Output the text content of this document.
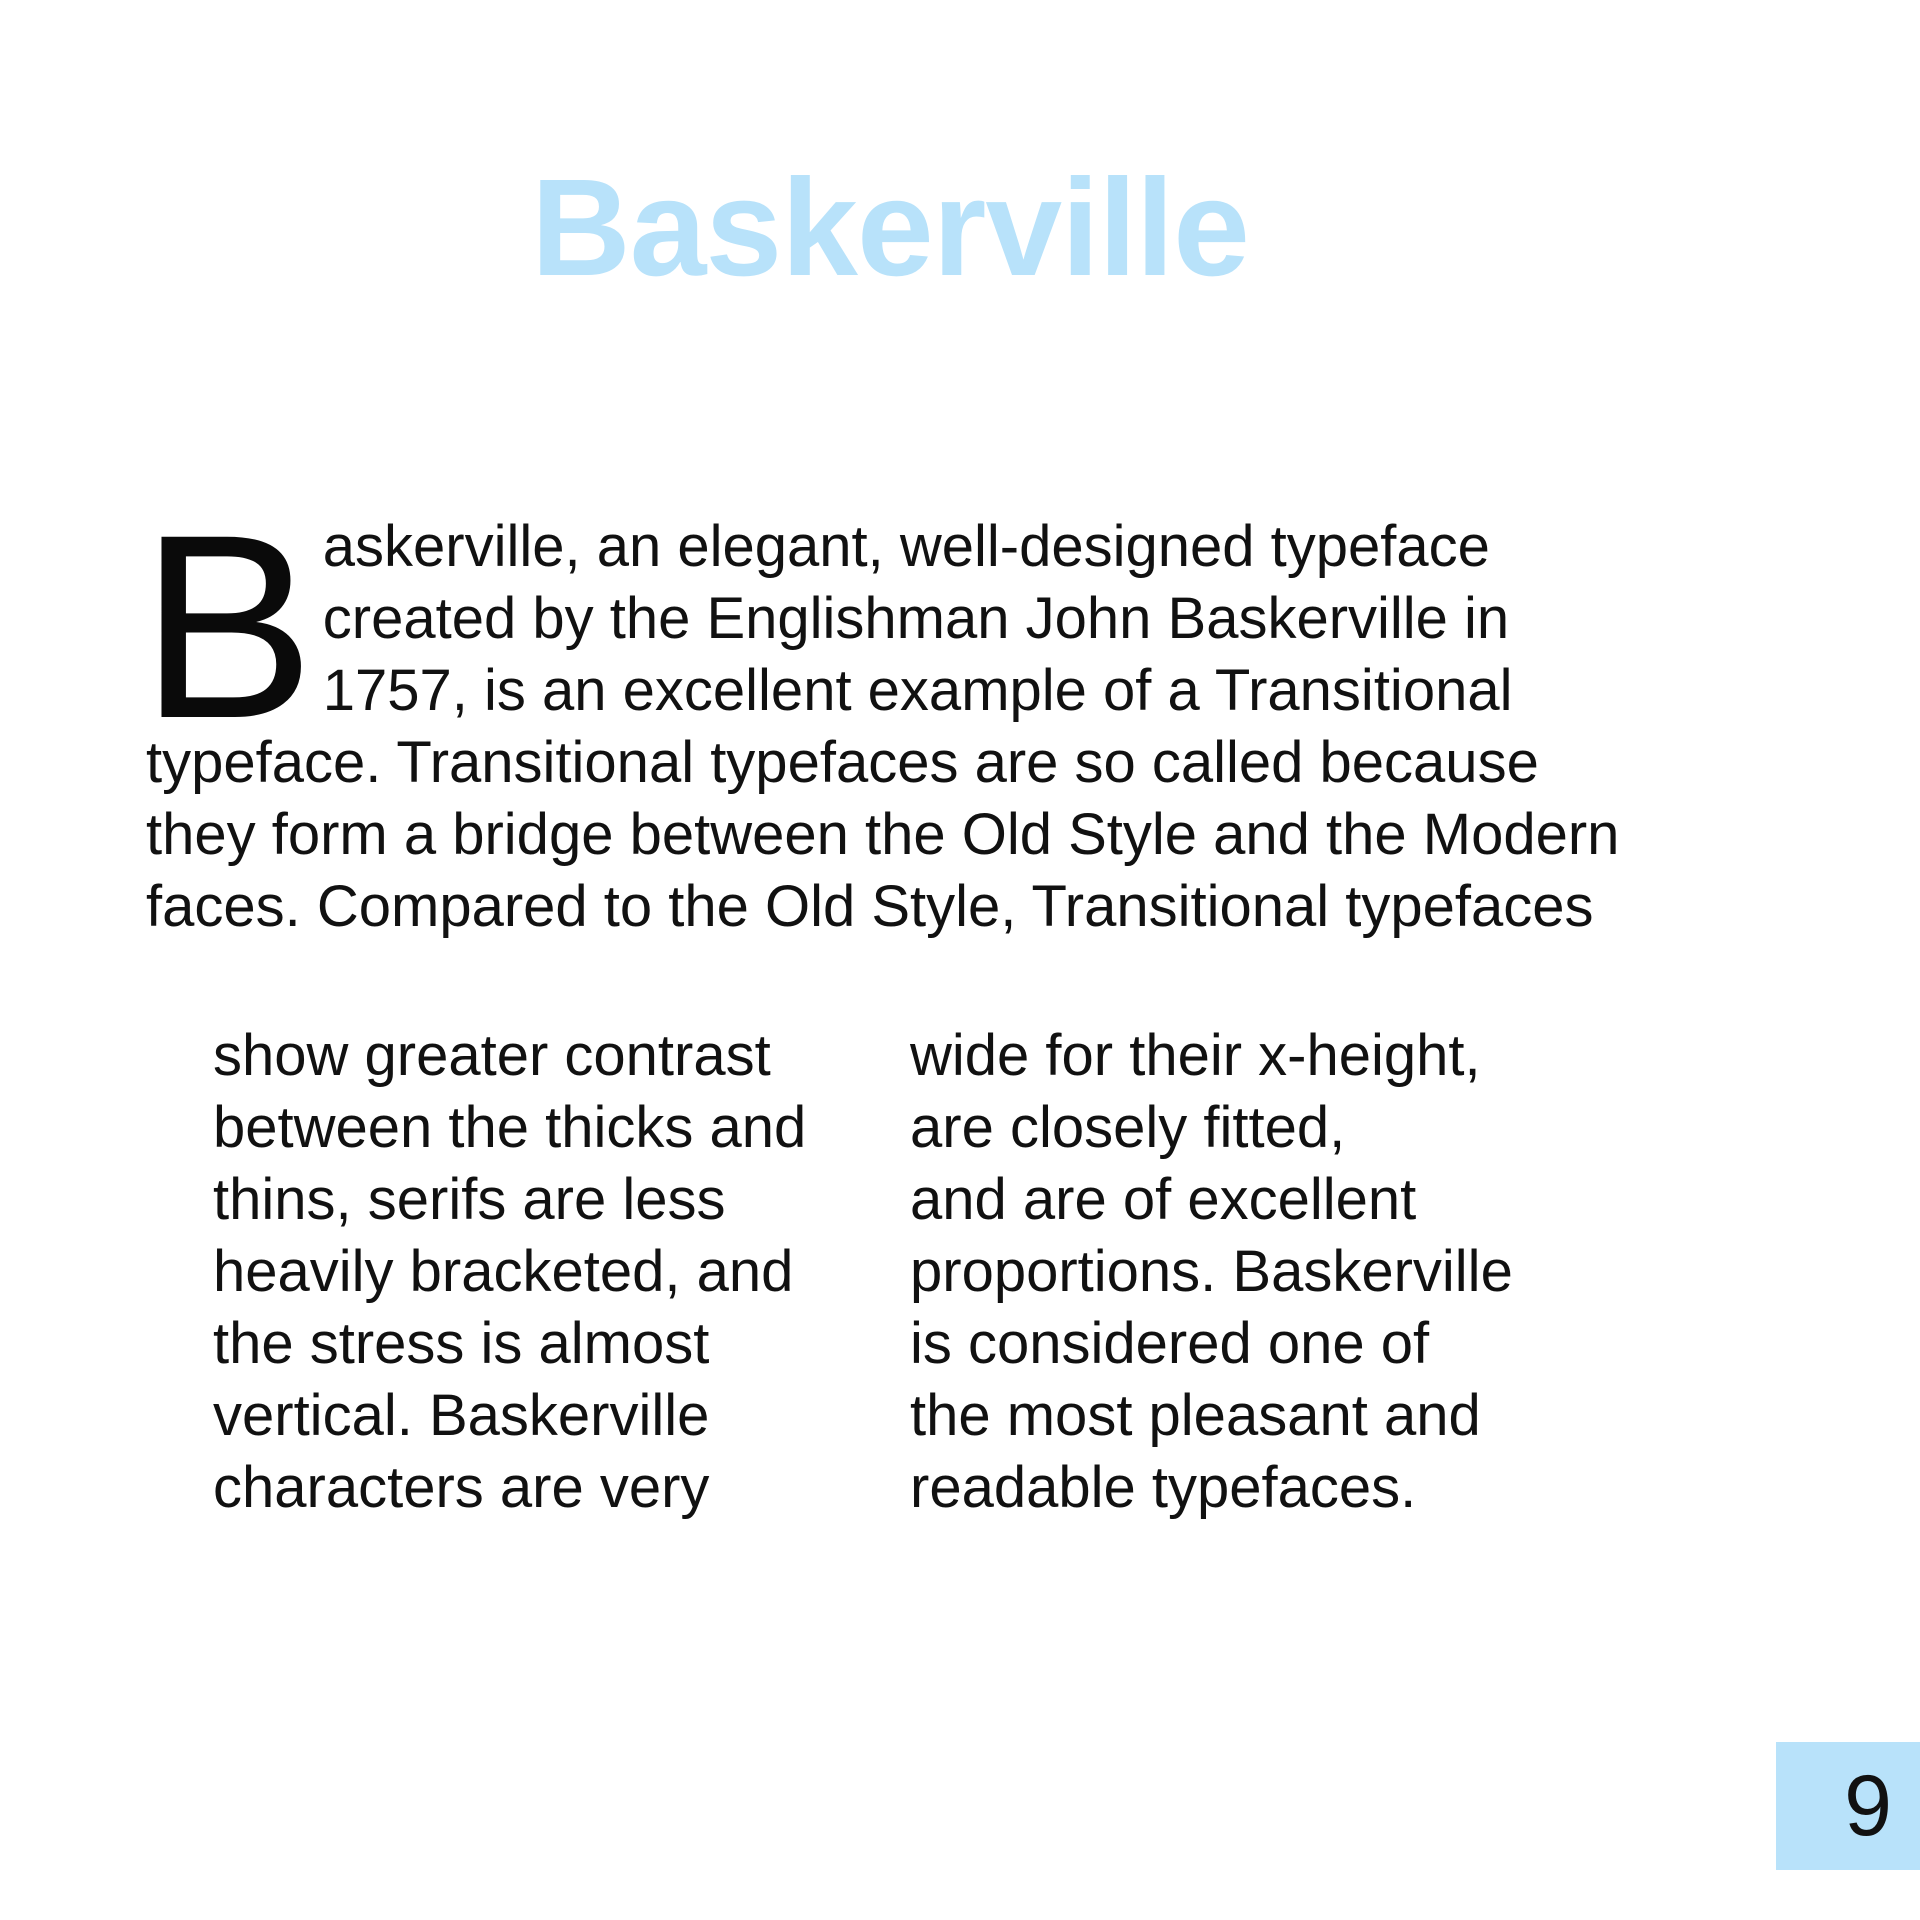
Baskerville
B askerville, an elegant, well-designed typeface
created by the Englishman John Baskerville in
1757, is an excellent example of a Transitional
typeface. Transitional typefaces are so called because
they form a bridge between the Old Style and the Modern
faces. Compared to the Old Style, Transitional typefaces
show greater contrast
between the thicks and
thins, serifs are less
heavily bracketed, and
the stress is almost
vertical. Baskerville
characters are very
wide for their x-height,
are closely fitted,
and are of excellent
proportions. Baskerville
is considered one of
the most pleasant and
readable typefaces.
9
